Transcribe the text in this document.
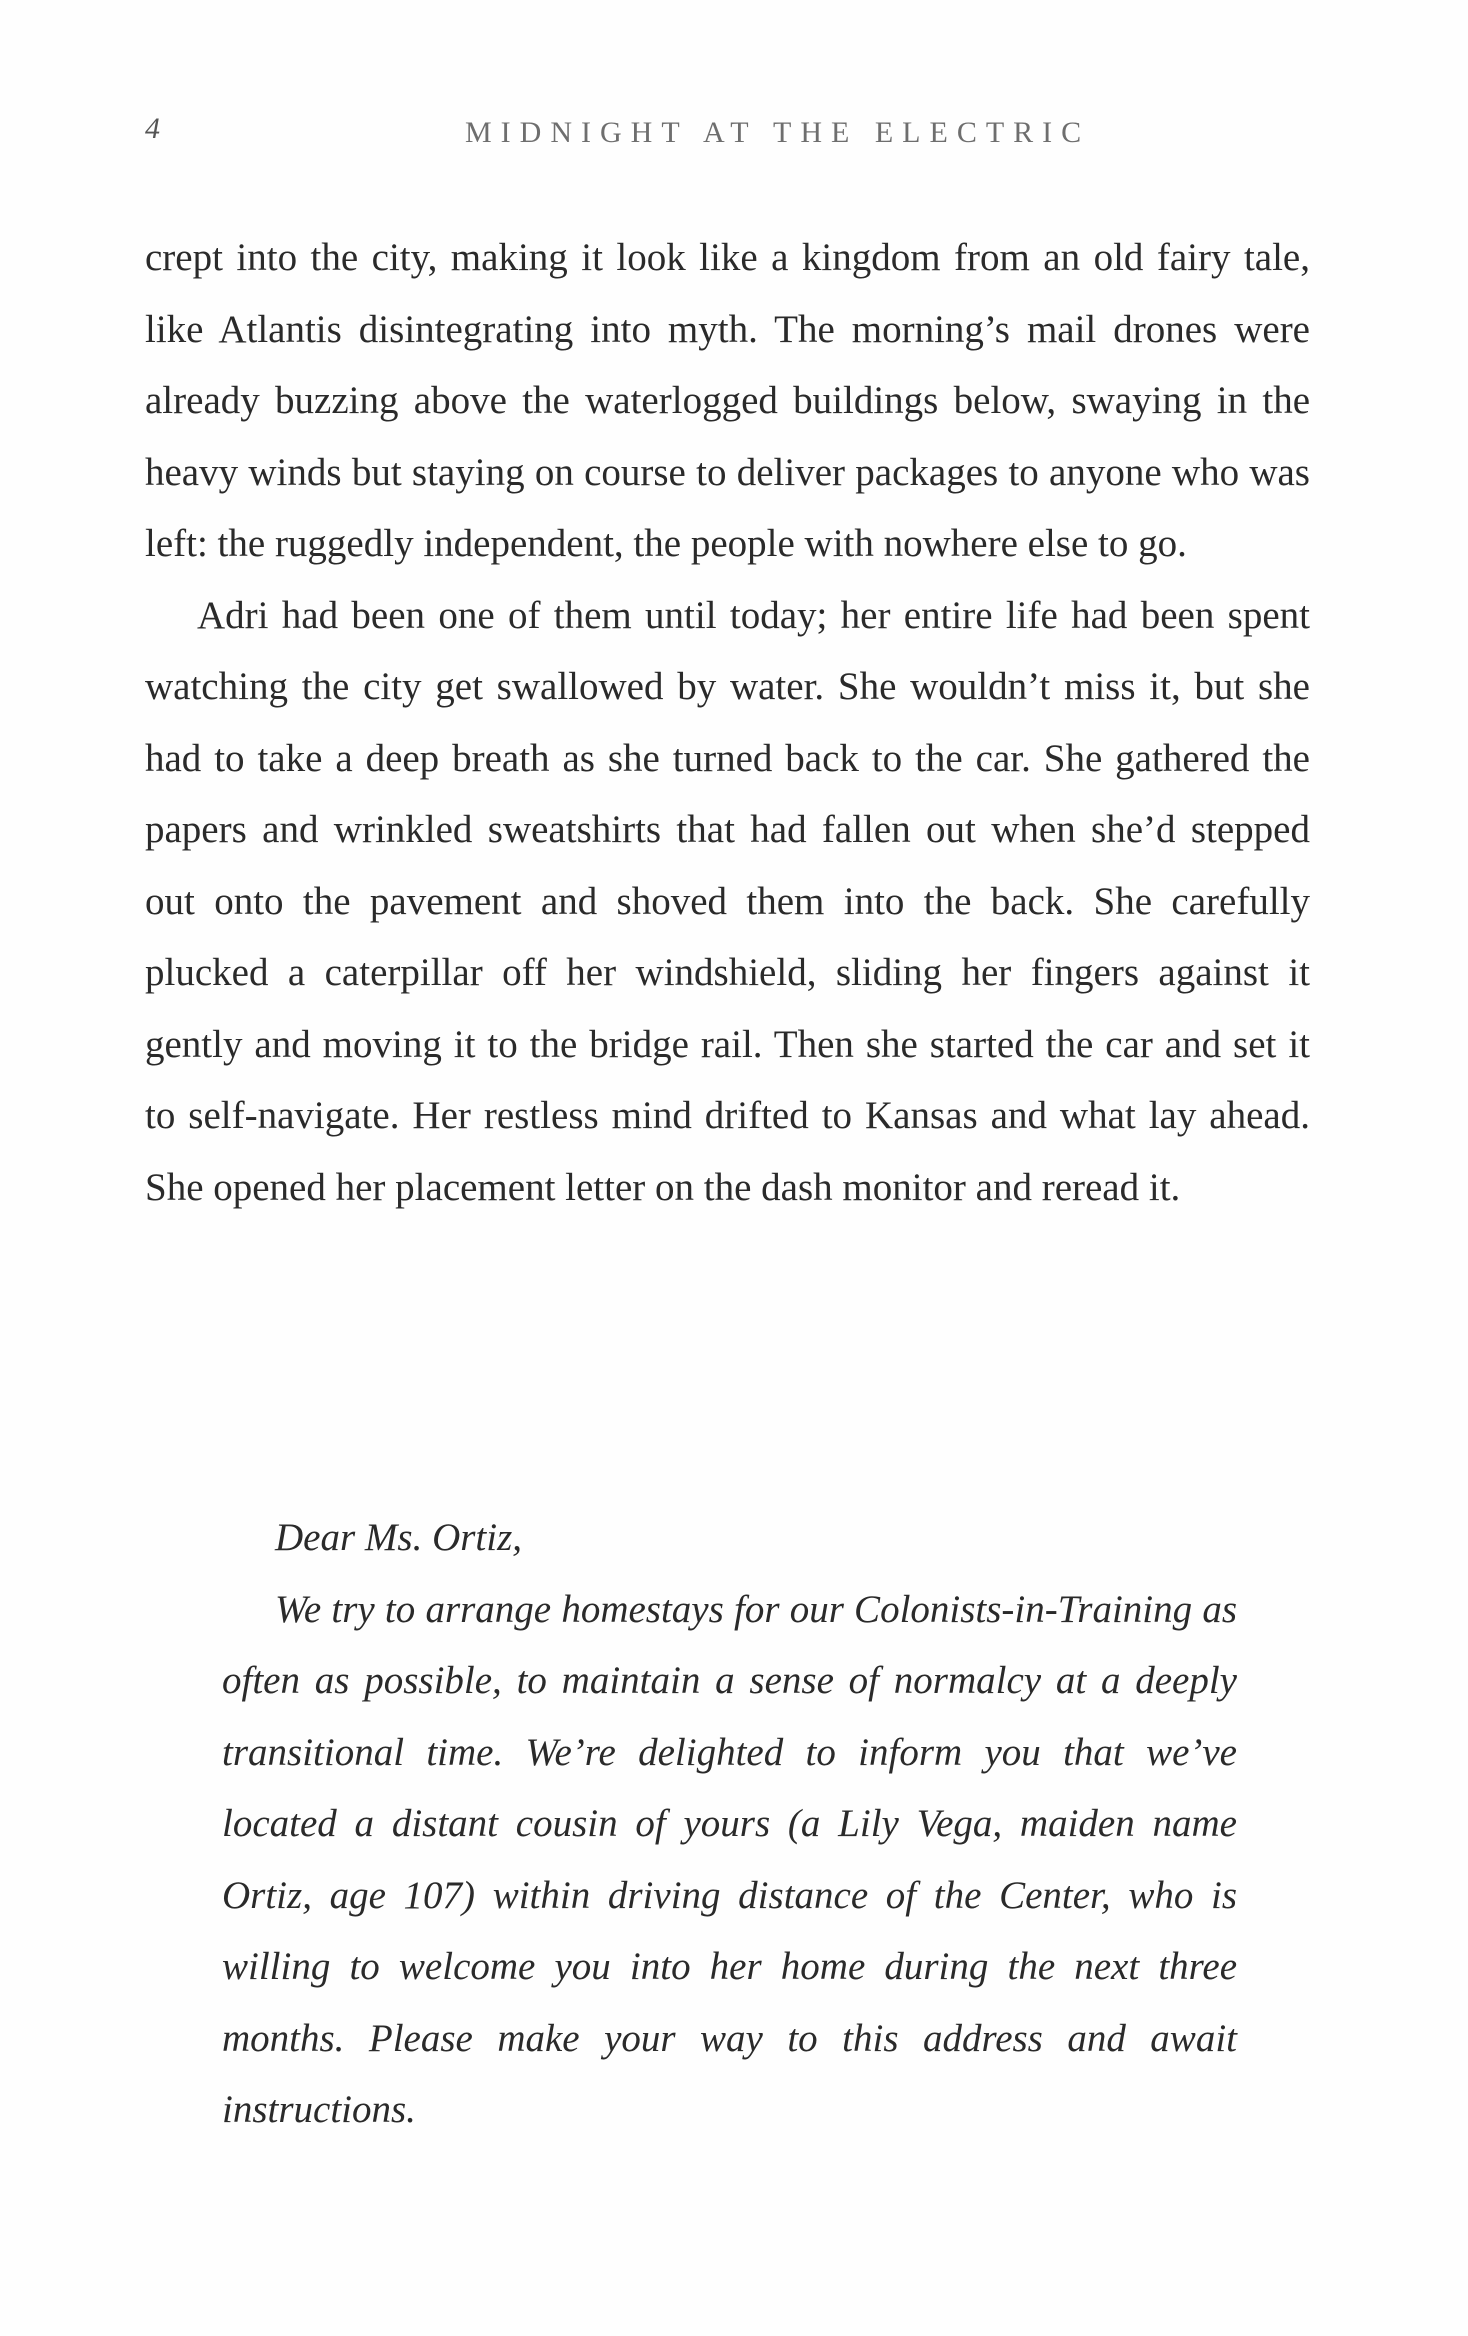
4	MIDNIGHT AT THE ELECTRIC

crept into the city, making it look like a kingdom from an old fairy tale, like Atlantis disintegrating into myth. The morning’s mail drones were already buzzing above the waterlogged buildings below, swaying in the heavy winds but staying on course to deliver packages to anyone who was left: the ruggedly independent, the people with nowhere else to go.

Adri had been one of them until today; her entire life had been spent watching the city get swallowed by water. She wouldn’t miss it, but she had to take a deep breath as she turned back to the car. She gathered the papers and wrinkled sweatshirts that had fallen out when she’d stepped out onto the pavement and shoved them into the back. She carefully plucked a caterpillar off her windshield, sliding her fingers against it gently and moving it to the bridge rail. Then she started the car and set it to self-navigate. Her restless mind drifted to Kansas and what lay ahead. She opened her placement letter on the dash monitor and reread it.

Dear Ms. Ortiz,

We try to arrange homestays for our Colonists-in-Training as often as possible, to maintain a sense of normalcy at a deeply transitional time. We’re delighted to inform you that we’ve located a distant cousin of yours (a Lily Vega, maiden name Ortiz, age 107) within driving distance of the Center, who is willing to welcome you into her home during the next three months. Please make your way to this address and await instructions.
